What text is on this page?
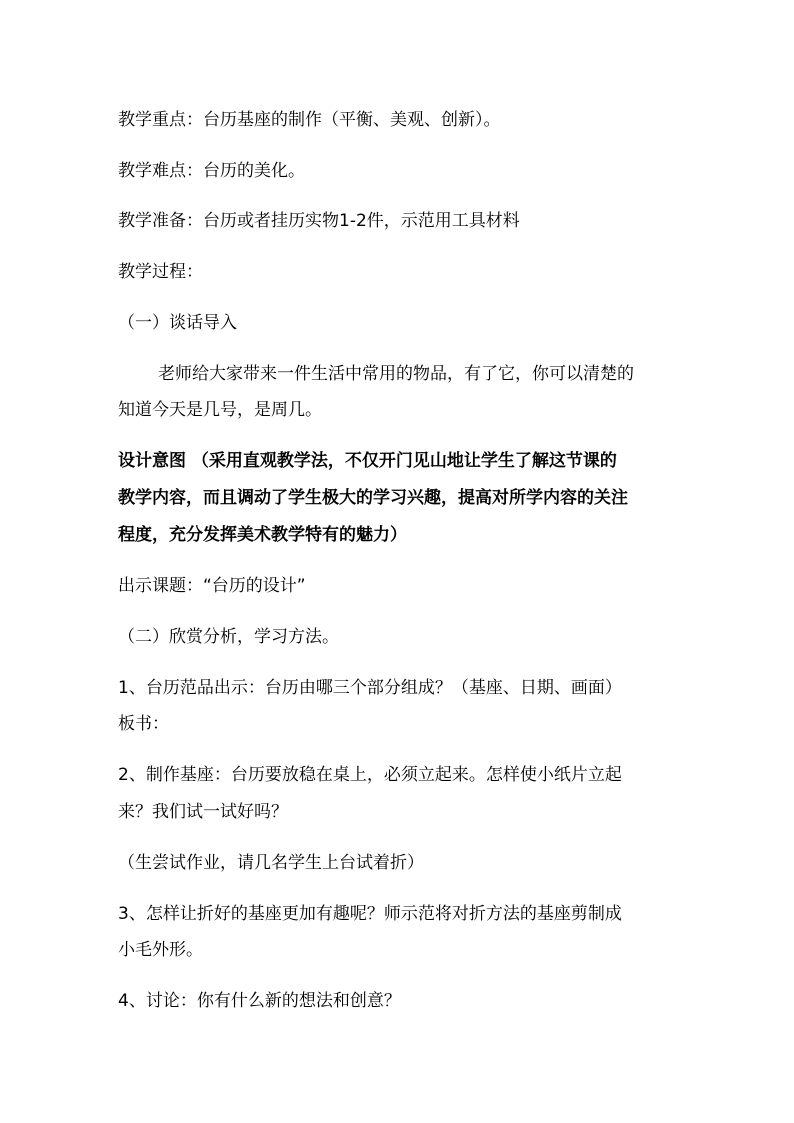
教学重点：台历基座的制作（平衡、美观、创新）。
教学难点：台历的美化。
教学准备：台历或者挂历实物1-2件，示范用工具材料
教学过程：
（一）谈话导入
老师给大家带来一件生活中常用的物品，有了它，你可以清楚的
知道今天是几号，是周几。
设计意图 （采用直观教学法，不仅开门见山地让学生了解这节课的
教学内容，而且调动了学生极大的学习兴趣，提高对所学内容的关注
程度，充分发挥美术教学特有的魅力）
出示课题：“台历的设计”
（二）欣赏分析，学习方法。
1、台历范品出示：台历由哪三个部分组成？（基座、日期、画面）
板书：
2、制作基座：台历要放稳在桌上，必须立起来。怎样使小纸片立起
来？我们试一试好吗？
（生尝试作业，请几名学生上台试着折）
3、怎样让折好的基座更加有趣呢？师示范将对折方法的基座剪制成
小毛外形。
4、讨论：你有什么新的想法和创意？
